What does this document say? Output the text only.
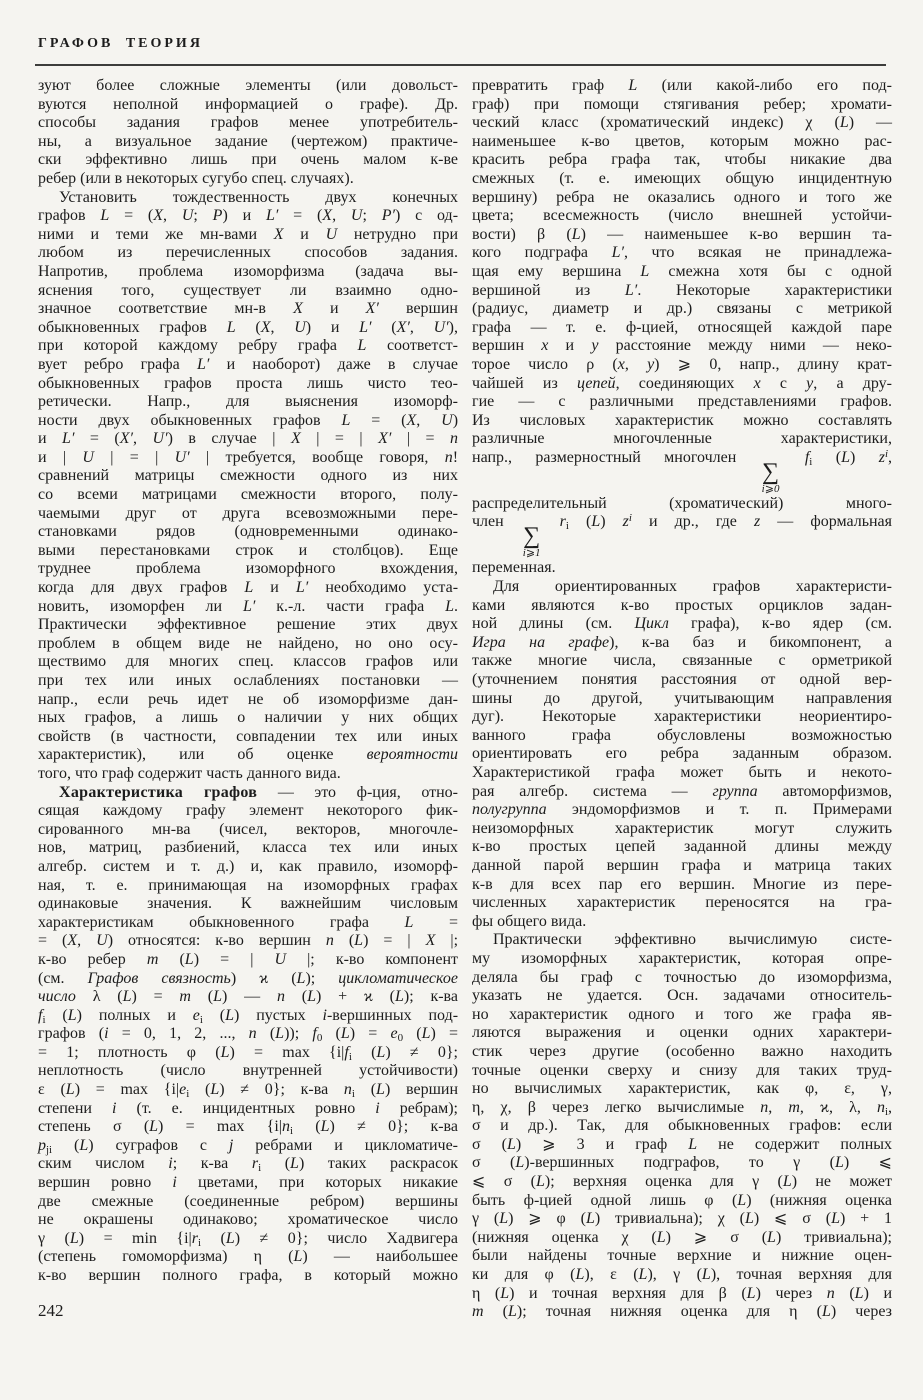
ГРАФОВ ТЕОРИЯ
зуют более сложные элементы (или довольст-
вуются неполной информацией о графе). Др.
способы задания графов менее употребитель-
ны, а визуальное задание (чертежом) практиче-
ски эффективно лишь при очень малом к-ве
ребер (или в некоторых сугубо спец. случаях).
Установить тождественность двух конечных
графов L = (X, U; P) и L′ = (X, U; P′) с од-
ними и теми же мн-вами X и U нетрудно при
любом из перечисленных способов задания.
Напротив, проблема изоморфизма (задача вы-
яснения того, существует ли взаимно одно-
значное соответствие мн-в X и X′ вершин
обыкновенных графов L (X, U) и L′ (X′, U′),
при которой каждому ребру графа L соответст-
вует ребро графа L′ и наоборот) даже в случае
обыкновенных графов проста лишь чисто тео-
ретически. Напр., для выяснения изоморф-
ности двух обыкновенных графов L = (X, U)
и L′ = (X′, U′) в случае | X | = | X′ | = n
и | U | = | U′ | требуется, вообще говоря, n!
сравнений матрицы смежности одного из них
со всеми матрицами смежности второго, полу-
чаемыми друг от друга всевозможными пере-
становками рядов (одновременными одинако-
выми перестановками строк и столбцов). Еще
труднее проблема изоморфного вхождения,
когда для двух графов L и L′ необходимо уста-
новить, изоморфен ли L′ к.-л. части графа L.
Практически эффективное решение этих двух
проблем в общем виде не найдено, но оно осу-
ществимо для многих спец. классов графов или
при тех или иных ослаблениях постановки —
напр., если речь идет не об изоморфизме дан-
ных графов, а лишь о наличии у них общих
свойств (в частности, совпадении тех или иных
характеристик), или об оценке вероятности
того, что граф содержит часть данного вида.
Характеристика графов — это ф-ция, отно-
сящая каждому графу элемент некоторого фик-
сированного мн-ва (чисел, векторов, многочле-
нов, матриц, разбиений, класса тех или иных
алгебр. систем и т. д.) и, как правило, изоморф-
ная, т. е. принимающая на изоморфных графах
одинаковые значения. К важнейшим числовым
характеристикам обыкновенного графа L =
= (X, U) относятся: к-во вершин n (L) = | X |;
к-во ребер m (L) = | U |; к-во компонент
(см. Графов связность) ϰ (L); цикломатическое
число λ (L) = m (L) — n (L) + ϰ (L); к-ва
$f_i$ (L) полных и $e_i$ (L) пустых i-вершинных под-
графов (i = 0, 1, 2, ..., n (L)); $f_0$ $(L) = e_0$ (L) =
= 1; плотность φ $(L) = \max \{i|f_i$ (L) ≠ 0};
неплотность (число внутренней устойчивости)
ε $(L) = \max \{i|e_i$ (L) ≠ 0}; к-ва $n_i$ (L) вершин
степени i (т. е. инцидентных ровно i ребрам);
степень σ $(L) = \max \{i|n_i$ (L) ≠ 0}; к-ва
$p_{ji}$ (L) суграфов с j ребрами и цикломатиче-
ским числом i; к-ва $r_i$ (L) таких раскрасок
вершин ровно i цветами, при которых никакие
две смежные (соединенные ребром) вершины
не окрашены одинаково; хроматическое число
γ $(L) = \min \{i|r_i$ (L) ≠ 0}; число Хадвигера
(степень гомоморфизма) η (L) — наибольшее
к-во вершин полного графа, в который можно
превратить граф L (или какой-либо его под-
граф) при помощи стягивания ребер; хромати-
ческий класс (хроматический индекс) χ (L) —
наименьшее к-во цветов, которым можно рас-
красить ребра графа так, чтобы никакие два
смежных (т. е. имеющих общую инцидентную
вершину) ребра не оказались одного и того же
цвета; всесмежность (число внешней устойчи-
вости) β (L) — наименьшее к-во вершин та-
кого подграфа L′, что всякая не принадлежа-
щая ему вершина L смежна хотя бы с одной
вершиной из L′. Некоторые характеристики
(радиус, диаметр и др.) связаны с метрикой
графа — т. е. ф-цией, относящей каждой паре
вершин x и y расстояние между ними — неко-
торое число ρ (x, y) ⩾ 0, напр., длину крат-
чайшей из цепей, соединяющих x с y, а дру-
гие — с различными представлениями графов.
Из числовых характеристик можно составлять
различные многочленные характеристики,
напр., размерностный многочлен
∑
i⩾0
$f_i$ (L) $z^i$,
распределительный (хроматический) много-
член
∑
i⩾1
$r_i$ (L) $z^i$ и др., где z — формальная
переменная.
Для ориентированных графов характеристи-
ками являются к-во простых орциклов задан-
ной длины (см. Цикл графа), к-во ядер (см.
Игра на графе), к-ва баз и бикомпонент, а
также многие числа, связанные с орметрикой
(уточнением понятия расстояния от одной вер-
шины до другой, учитывающим направления
дуг). Некоторые характеристики неориентиро-
ванного графа обусловлены возможностью
ориентировать его ребра заданным образом.
Характеристикой графа может быть и некото-
рая алгебр. система — группа автоморфизмов,
полугруппа эндоморфизмов и т. п. Примерами
неизоморфных характеристик могут служить
к-во простых цепей заданной длины между
данной парой вершин графа и матрица таких
к-в для всех пар его вершин. Многие из пере-
численных характеристик переносятся на гра-
фы общего вида.
Практически эффективно вычислимую систе-
му изоморфных характеристик, которая опре-
деляла бы граф с точностью до изоморфизма,
указать не удается. Осн. задачами относитель-
но характеристик одного и того же графа яв-
ляются выражения и оценки одних характери-
стик через другие (особенно важно находить
точные оценки сверху и снизу для таких труд-
но вычислимых характеристик, как φ, ε, γ,
η, χ, β через легко вычислимые n, m, ϰ, λ, $n_i$,
σ и др.). Так, для обыкновенных графов: если
σ (L) ⩾ 3 и граф L не содержит полных
σ (L)-вершинных подграфов, то γ (L) ⩽
⩽ σ (L); верхняя оценка для γ (L) не может
быть ф-цией одной лишь φ (L) (нижняя оценка
γ (L) ⩾ φ (L) тривиальна); χ (L) ⩽ σ (L) + 1
(нижняя оценка χ (L) ⩾ σ (L) тривиальна);
были найдены точные верхние и нижние оцен-
ки для φ (L), ε (L), γ (L), точная верхняя для
η (L) и точная верхняя для β (L) через n (L) и
m (L); точная нижняя оценка для η (L) через
242
